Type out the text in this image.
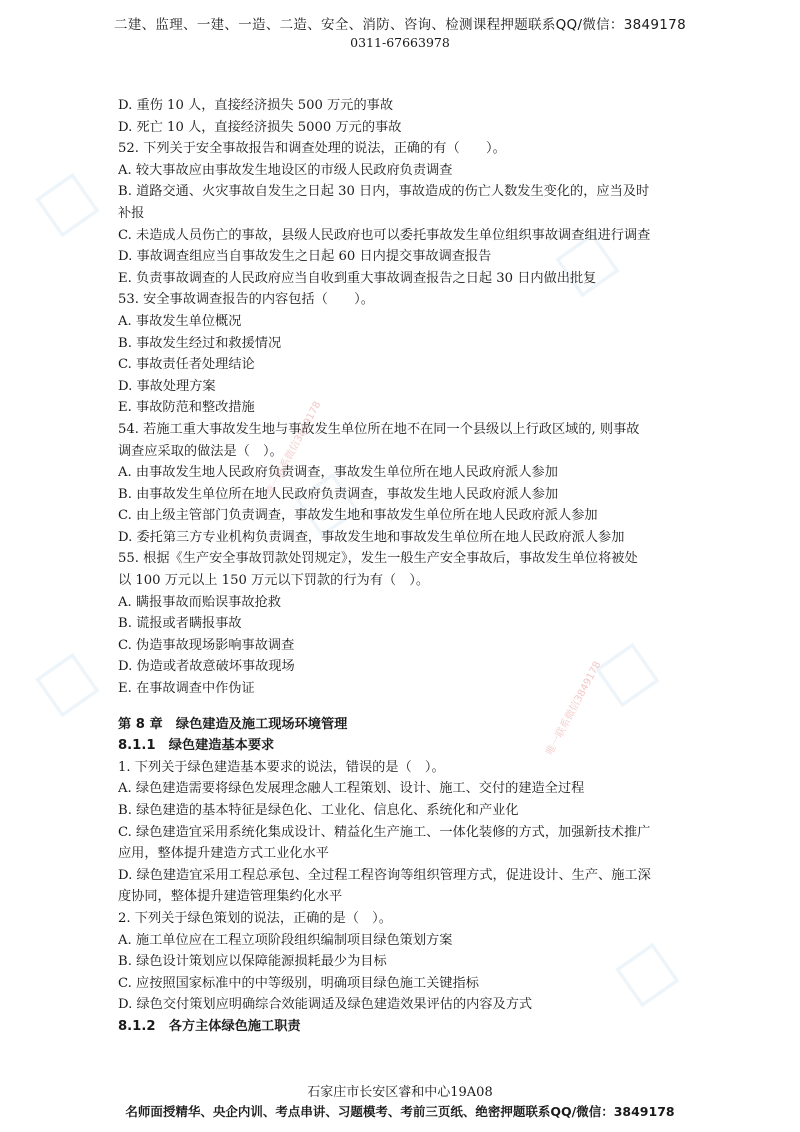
☐
☐
☐
☐	☐
☐
唯一联系微信3849178
唯一联系微信3849178
二建、监理、一建、一造、二造、安全、消防、咨询、检测课程押题联系QQ/微信：3849178
0311-67663978
D. 重伤 10 人，直接经济损失 500 万元的事故
D. 死亡 10 人，直接经济损失 5000 万元的事故
52. 下列关于安全事故报告和调查处理的说法，正确的有（　　）。
A. 较大事故应由事故发生地设区的市级人民政府负责调查
B. 道路交通、火灾事故自发生之日起 30 日内，事故造成的伤亡人数发生变化的，应当及时
补报
C. 未造成人员伤亡的事故，县级人民政府也可以委托事故发生单位组织事故调查组进行调查
D. 事故调查组应当自事故发生之日起 60 日内提交事故调查报告
E. 负责事故调查的人民政府应当自收到重大事故调查报告之日起 30 日内做出批复
53. 安全事故调查报告的内容包括（　　）。
A. 事故发生单位概况
B. 事故发生经过和救援情况
C. 事故责任者处理结论
D. 事故处理方案
E. 事故防范和整改措施
54. 若施工重大事故发生地与事故发生单位所在地不在同一个县级以上行政区域的, 则事故
调查应采取的做法是（　）。
A. 由事故发生地人民政府负责调查，事故发生单位所在地人民政府派人参加
B. 由事故发生单位所在地人民政府负责调查，事故发生地人民政府派人参加
C. 由上级主管部门负责调查，事故发生地和事故发生单位所在地人民政府派人参加
D. 委托第三方专业机构负责调查，事故发生地和事故发生单位所在地人民政府派人参加
55. 根据《生产安全事故罚款处罚规定》，发生一般生产安全事故后，事故发生单位将被处
以 100 万元以上 150 万元以下罚款的行为有（　）。
A. 瞒报事故而贻误事故抢救
B. 谎报或者瞒报事故
C. 伪造事故现场影响事故调查
D. 伪造或者故意破坏事故现场
E. 在事故调查中作伪证
第 8 章　绿色建造及施工现场环境管理
8.1.1　绿色建造基本要求
1. 下列关于绿色建造基本要求的说法，错误的是（　）。
A. 绿色建造需要将绿色发展理念融人工程策划、设计、施工、交付的建造全过程
B. 绿色建造的基本特征是绿色化、工业化、信息化、系统化和产业化
C. 绿色建造宜采用系统化集成设计、精益化生产施工、一体化装修的方式，加强新技术推广
应用，整体提升建造方式工业化水平
D. 绿色建造宜采用工程总承包、全过程工程咨询等组织管理方式，促进设计、生产、施工深
度协同，整体提升建造管理集约化水平
2. 下列关于绿色策划的说法，正确的是（　）。
A. 施工单位应在工程立项阶段组织编制项目绿色策划方案
B. 绿色设计策划应以保障能源损耗最少为目标
C. 应按照国家标准中的中等级别，明确项目绿色施工关键指标
D. 绿色交付策划应明确综合效能调适及绿色建造效果评估的内容及方式
8.1.2　各方主体绿色施工职责
石家庄市长安区睿和中心19A08
名师面授精华、央企内训、考点串讲、习题模考、考前三页纸、绝密押题联系QQ/微信：3849178
